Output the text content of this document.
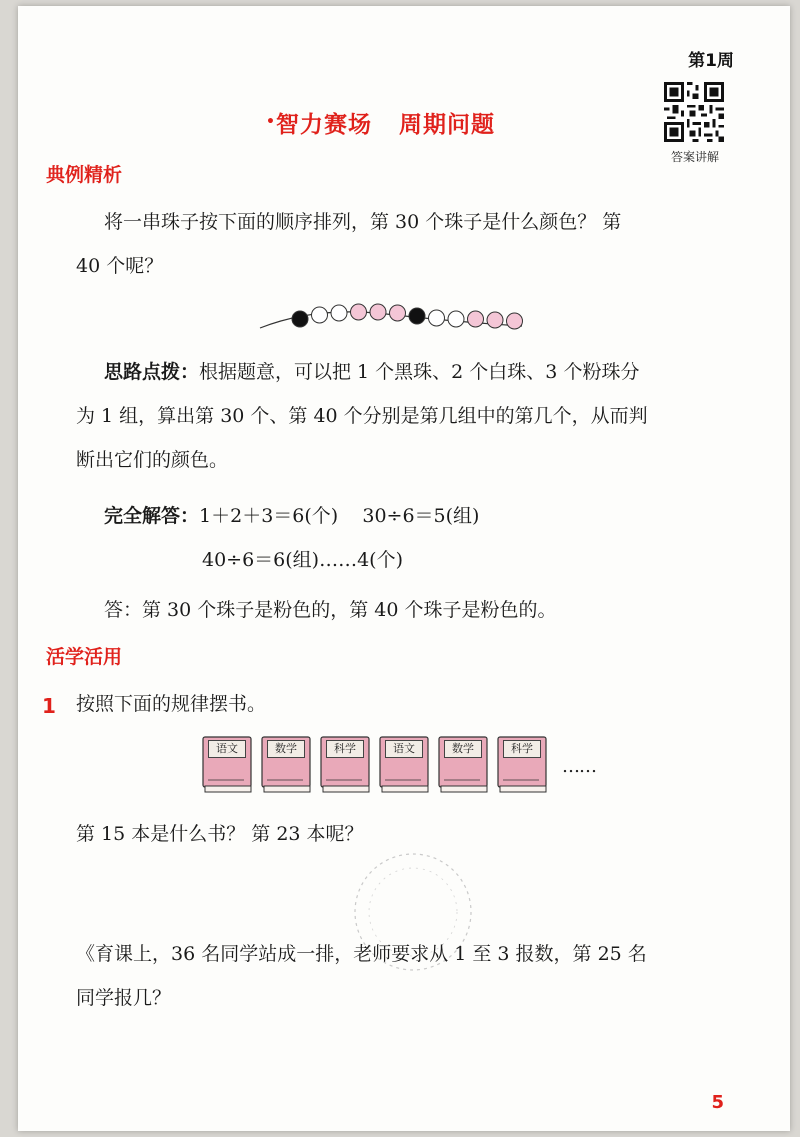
第1周
答案讲解
•智力赛场 周期问题
典例精析
将一串珠子按下面的顺序排列，第 30 个珠子是什么颜色？ 第
40 个呢？
思路点拨：根据题意，可以把 1 个黑珠、2 个白珠、3 个粉珠分
为 1 组，算出第 30 个、第 40 个分别是第几组中的第几个，从而判
断出它们的颜色。
完全解答：1＋2＋3＝6(个)    30÷6＝5(组)
40÷6＝6(组)……4(个)
答：第 30 个珠子是粉色的，第 40 个珠子是粉色的。
活学活用
1 按照下面的规律摆书。
语文	数学	科学	语文	数学	科学
……
第 15 本是什么书？ 第 23 本呢？
《育课上，36 名同学站成一排，老师要求从 1 至 3 报数，第 25 名
同学报几？
5
